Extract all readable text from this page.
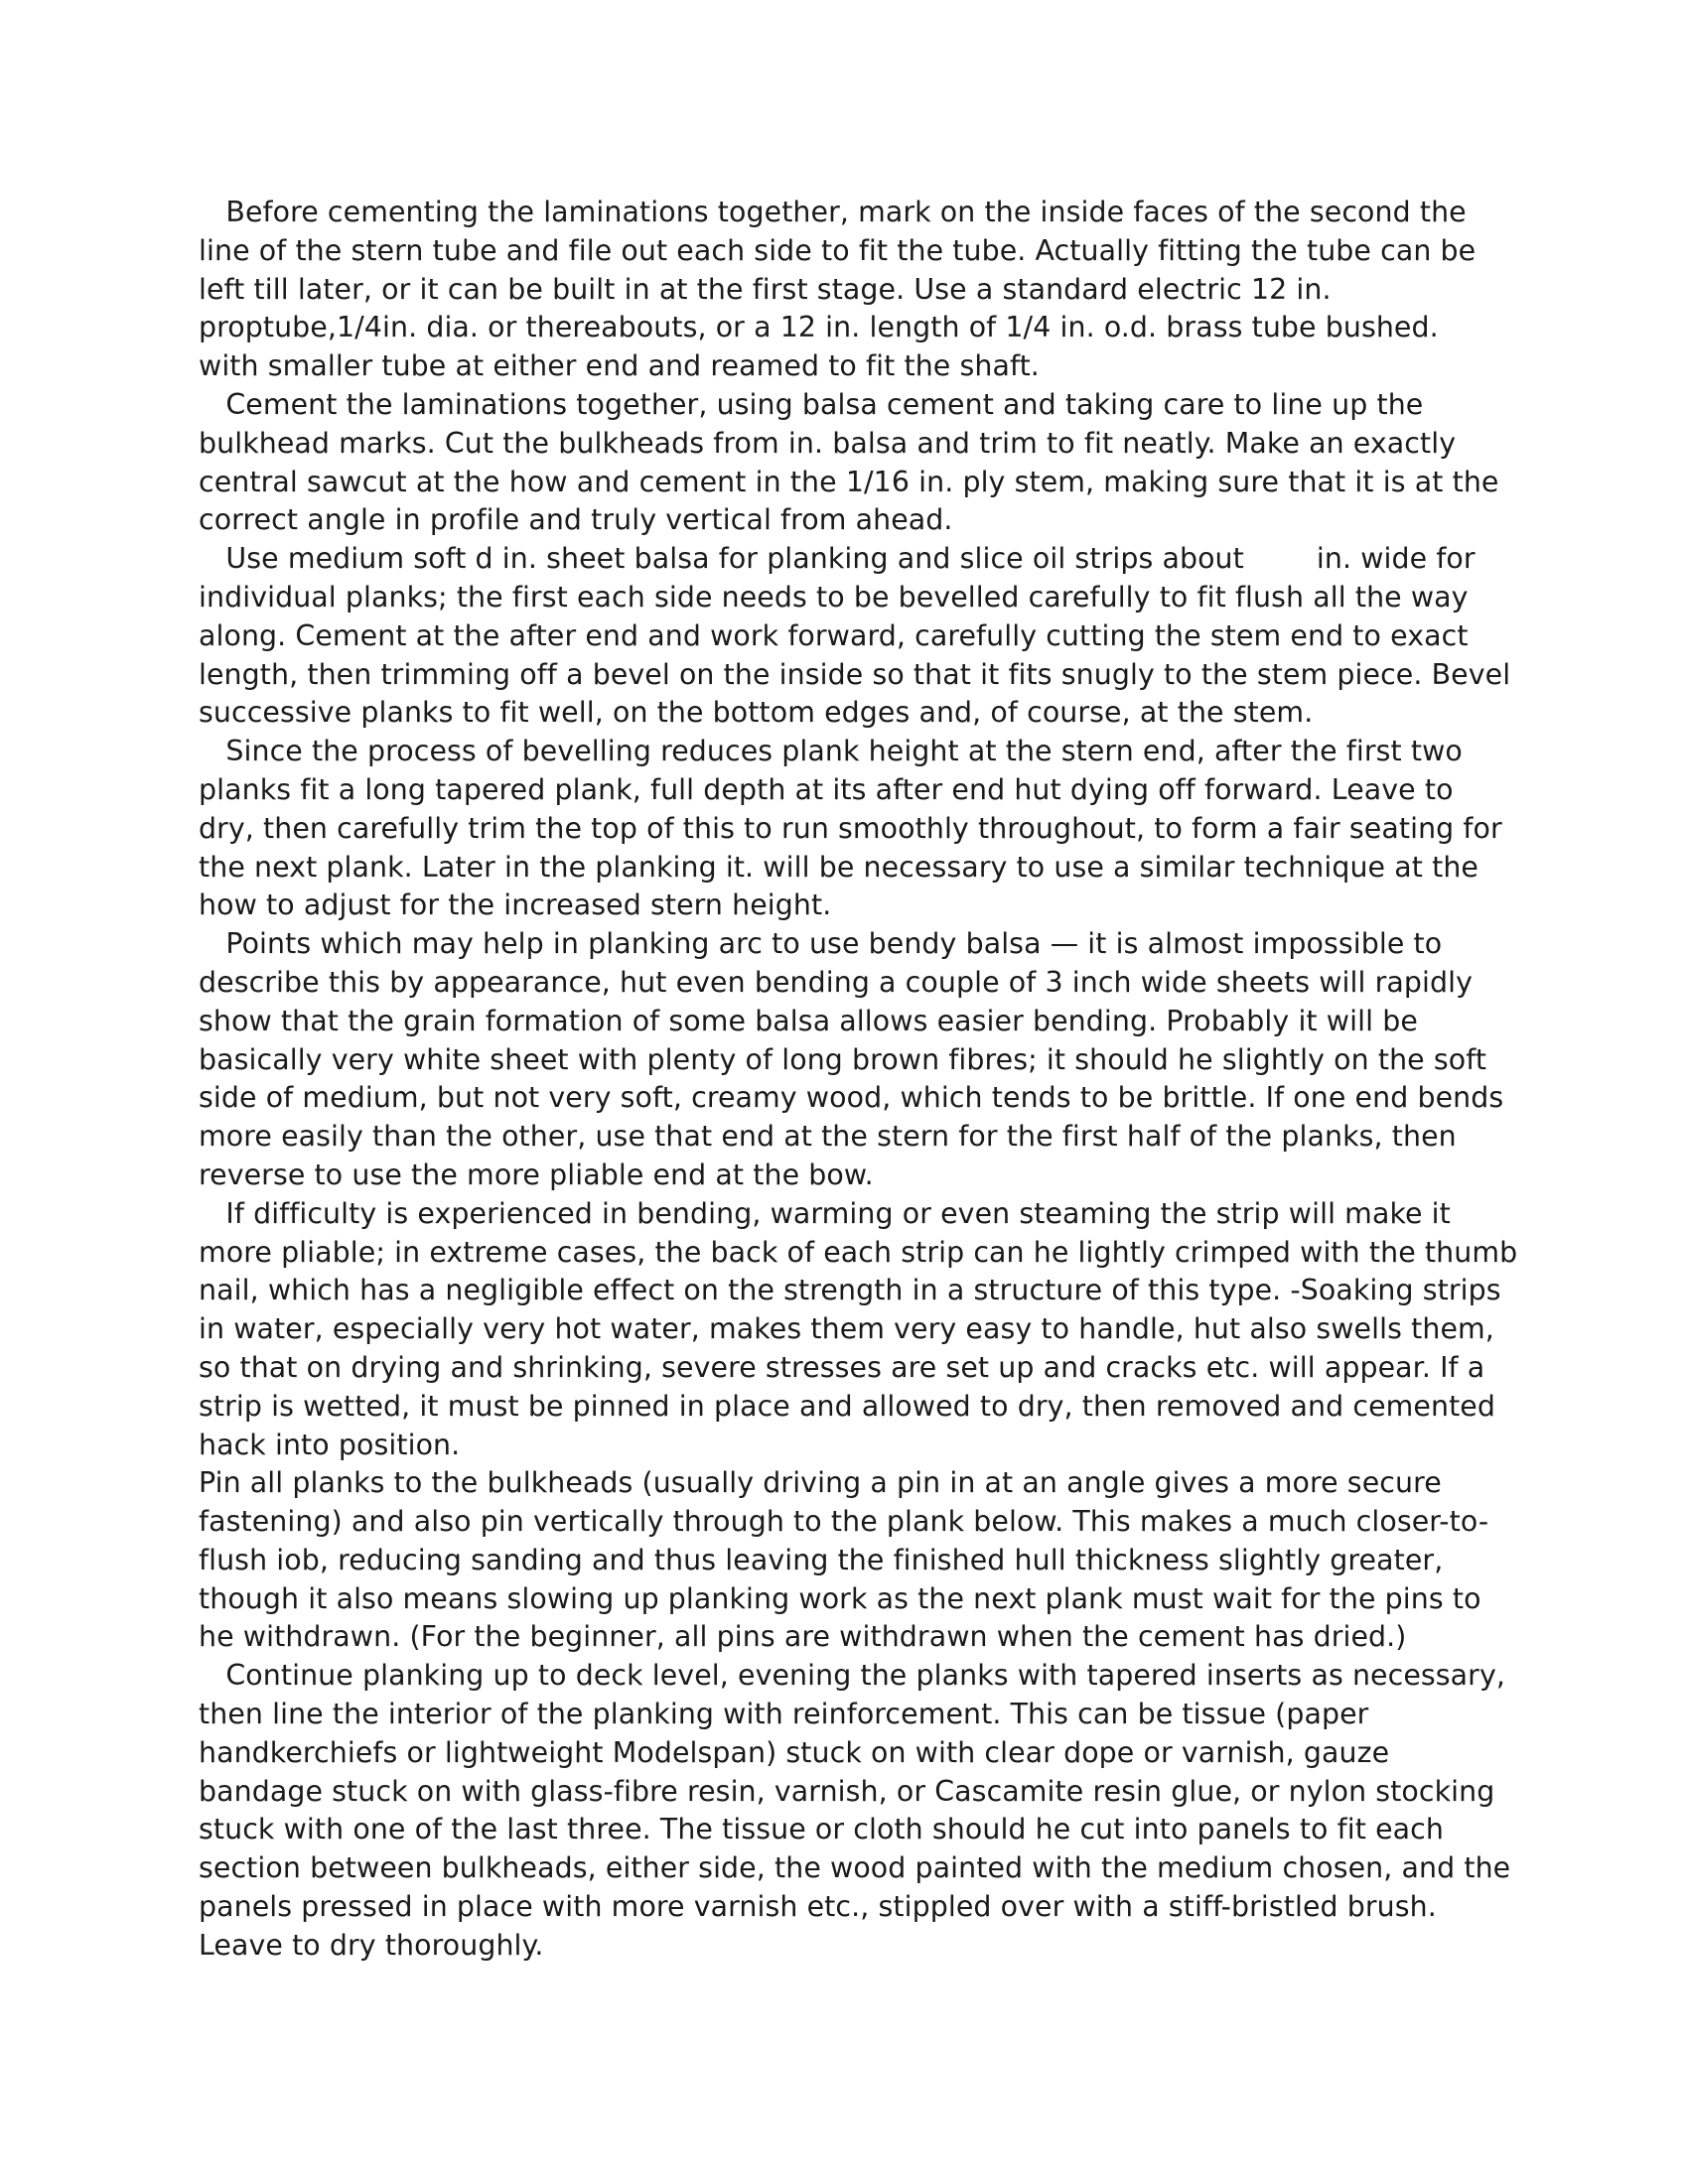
Before cementing the laminations together, mark on the inside faces of the second the
line of the stern tube and file out each side to fit the tube. Actually fitting the tube can be
left till later, or it can be built in at the first stage. Use a standard electric 12 in.
proptube,1/4in. dia. or thereabouts, or a 12 in. length of 1/4 in. o.d. brass tube bushed.
with smaller tube at either end and reamed to fit the shaft.
Cement the laminations together, using balsa cement and taking care to line up the
bulkhead marks. Cut the bulkheads from in. balsa and trim to fit neatly. Make an exactly
central sawcut at the how and cement in the 1/16 in. ply stem, making sure that it is at the
correct angle in profile and truly vertical from ahead.
Use medium soft d in. sheet balsa for planking and slice oil strips about        in. wide for
individual planks; the first each side needs to be bevelled carefully to fit flush all the way
along. Cement at the after end and work forward, carefully cutting the stem end to exact
length, then trimming off a bevel on the inside so that it fits snugly to the stem piece. Bevel
successive planks to fit well, on the bottom edges and, of course, at the stem.
Since the process of bevelling reduces plank height at the stern end, after the first two
planks fit a long tapered plank, full depth at its after end hut dying off forward. Leave to
dry, then carefully trim the top of this to run smoothly throughout, to form a fair seating for
the next plank. Later in the planking it. will be necessary to use a similar technique at the
how to adjust for the increased stern height.
Points which may help in planking arc to use bendy balsa — it is almost impossible to
describe this by appearance, hut even bending a couple of 3 inch wide sheets will rapidly
show that the grain formation of some balsa allows easier bending. Probably it will be
basically very white sheet with plenty of long brown fibres; it should he slightly on the soft
side of medium, but not very soft, creamy wood, which tends to be brittle. If one end bends
more easily than the other, use that end at the stern for the first half of the planks, then
reverse to use the more pliable end at the bow.
If difficulty is experienced in bending, warming or even steaming the strip will make it
more pliable; in extreme cases, the back of each strip can he lightly crimped with the thumb
nail, which has a negligible effect on the strength in a structure of this type. -Soaking strips
in water, especially very hot water, makes them very easy to handle, hut also swells them,
so that on drying and shrinking, severe stresses are set up and cracks etc. will appear. If a
strip is wetted, it must be pinned in place and allowed to dry, then removed and cemented
hack into position.
Pin all planks to the bulkheads (usually driving a pin in at an angle gives a more secure
fastening) and also pin vertically through to the plank below. This makes a much closer-to-
flush iob, reducing sanding and thus leaving the finished hull thickness slightly greater,
though it also means slowing up planking work as the next plank must wait for the pins to
he withdrawn. (For the beginner, all pins are withdrawn when the cement has dried.)
Continue planking up to deck level, evening the planks with tapered inserts as necessary,
then line the interior of the planking with reinforcement. This can be tissue (paper
handkerchiefs or lightweight Modelspan) stuck on with clear dope or varnish, gauze
bandage stuck on with glass-fibre resin, varnish, or Cascamite resin glue, or nylon stocking
stuck with one of the last three. The tissue or cloth should he cut into panels to fit each
section between bulkheads, either side, the wood painted with the medium chosen, and the
panels pressed in place with more varnish etc., stippled over with a stiff-bristled brush.
Leave to dry thoroughly.
